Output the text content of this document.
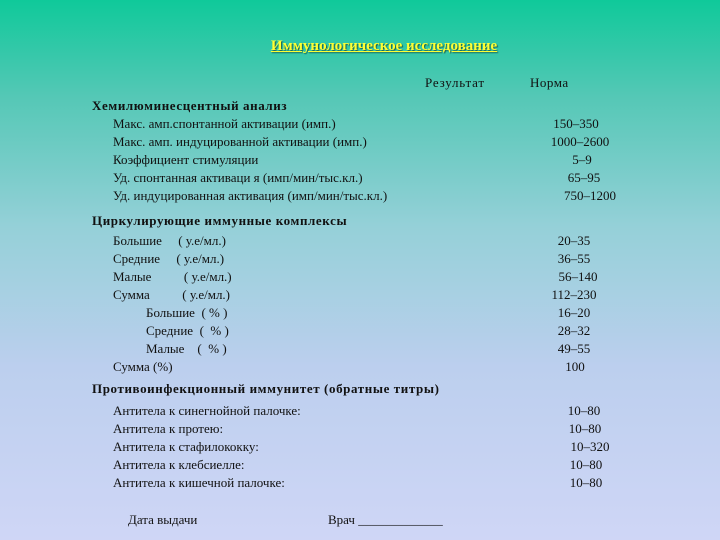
Иммунологическое исследование
Результат	Норма
Хемилюминесцентный анализ
Макс. амп.спонтанной активации (имп.)	150–350
Макс. амп. индуцированной активации (имп.)	1000–2600
Коэффициент стимуляции	5–9
Уд. спонтанная активаци я (имп/мин/тыс.кл.)	65–95
Уд. индуцированная активация (имп/мин/тыс.кл.)	750–1200
Циркулирующие иммунные комплексы
Большие     ( у.е/мл.)	20–35
Средние     ( у.е/мл.)	36–55
Малые          ( у.е/мл.)	56–140
Сумма          ( у.е/мл.)	112–230
Большие  ( % )	16–20
Средние  (  % )	28–32
Малые    (  % )	49–55
Сумма (%)	100
Противоинфекционный иммунитет (обратные титры)
Антитела к синегнойной палочке:	10–80
Антитела к протею:	10–80
Антитела к стафилококку:	10–320
Антитела к клебсиелле:	10–80
Антитела к кишечной палочке:	10–80
Дата выдачи	Врач _____________
